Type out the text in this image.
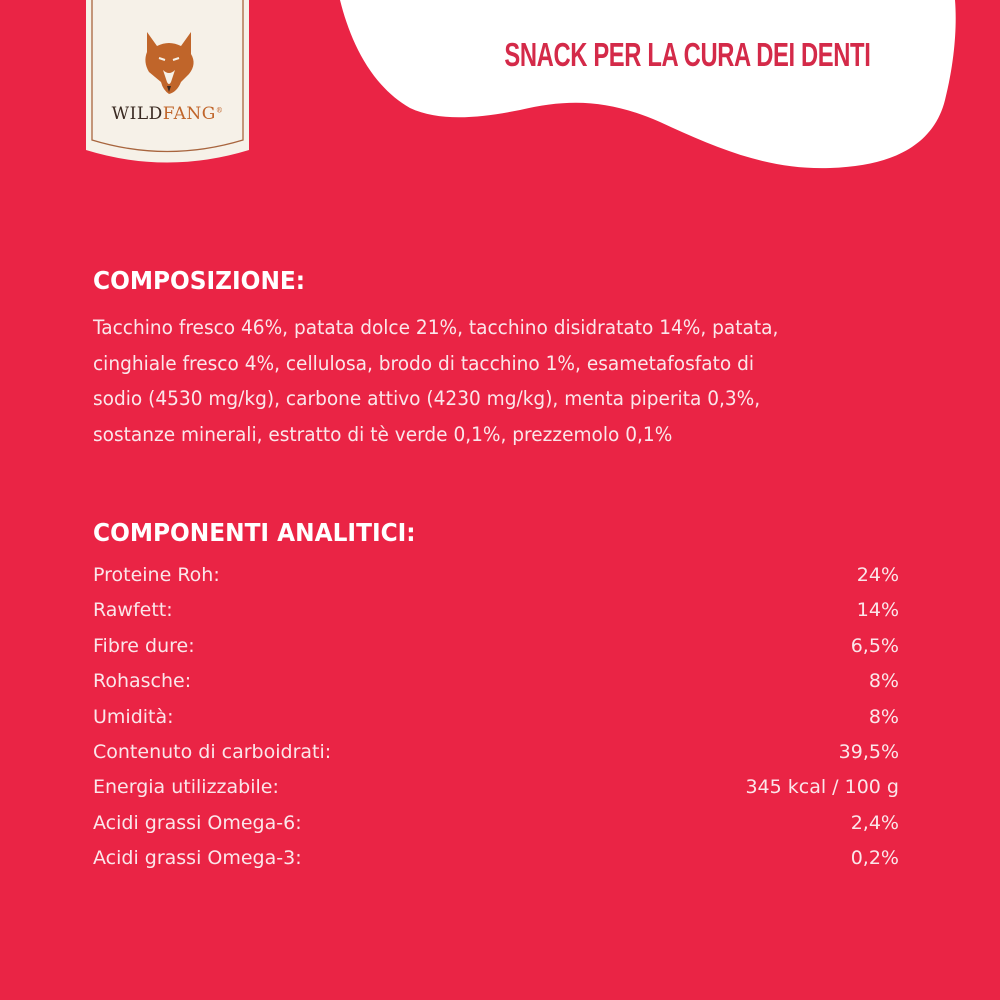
WILDFANG®
SNACK PER LA CURA DEI DENTI
COMPOSIZIONE:
Tacchino fresco 46%, patata dolce 21%, tacchino disidratato 14%, patata,
cinghiale fresco 4%, cellulosa, brodo di tacchino 1%, esametafosfato di
sodio (4530 mg/kg), carbone attivo (4230 mg/kg), menta piperita 0,3%,
sostanze minerali, estratto di tè verde 0,1%, prezzemolo 0,1%
COMPONENTI ANALITICI:
Proteine Roh:	24%
Rawfett:	14%
Fibre dure:	6,5%
Rohasche:	8%
Umidità:	8%
Contenuto di carboidrati:	39,5%
Energia utilizzabile:	345 kcal / 100 g
Acidi grassi Omega-6:	2,4%
Acidi grassi Omega-3:	0,2%
